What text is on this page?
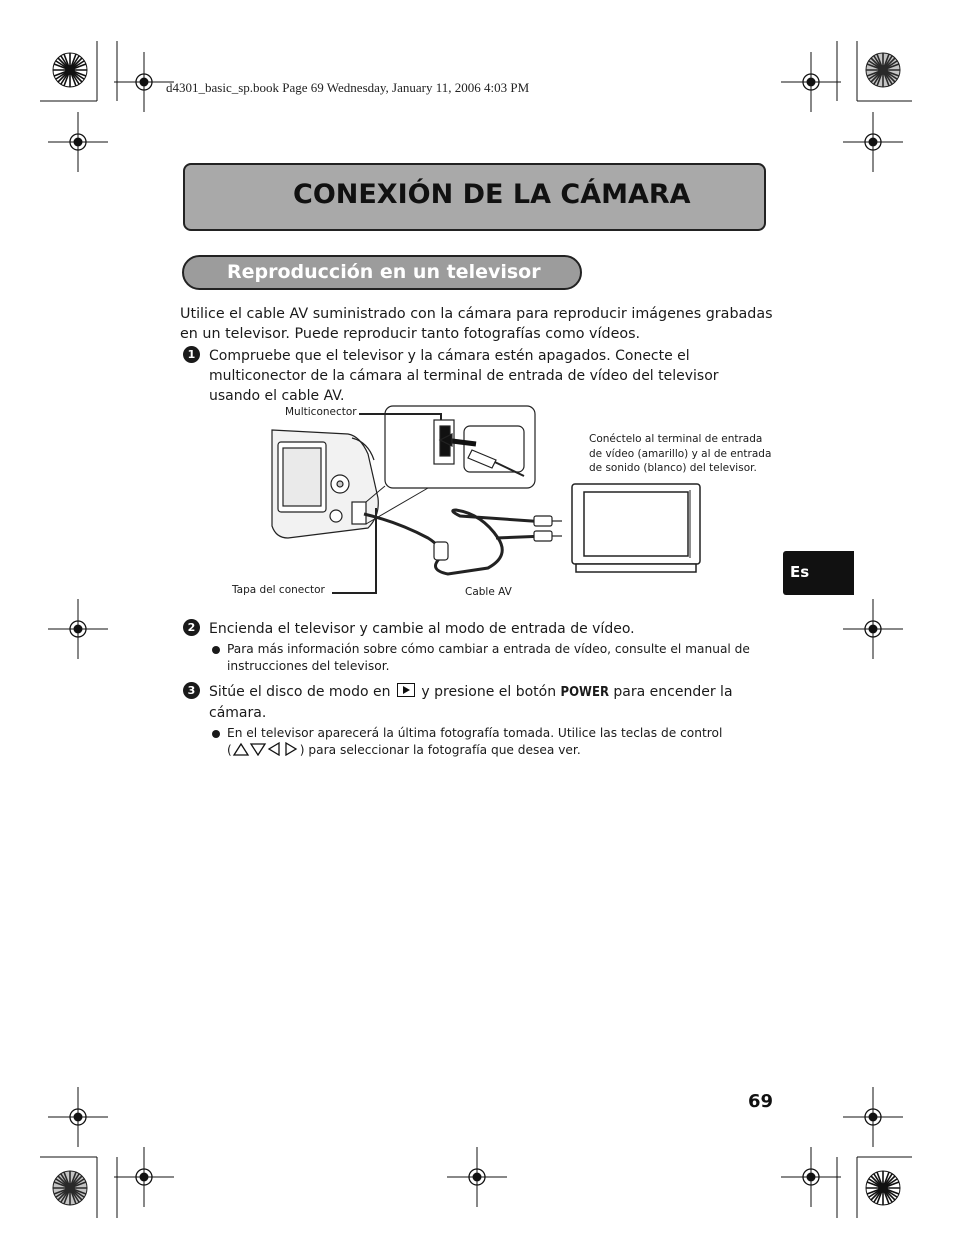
d4301_basic_sp.book Page 69 Wednesday, January 11, 2006 4:03 PM
CONEXIÓN DE LA CÁMARA
Reproducción en un televisor
Utilice el cable AV suministrado con la cámara para reproducir imágenes grabadas en un televisor. Puede reproducir tanto fotografías como vídeos.
1 Compruebe que el televisor y la cámara estén apagados. Conecte el multiconector de la cámara al terminal de entrada de vídeo del televisor usando el cable AV.
Multiconector
Tapa del conector	Cable AV
Conéctelo al terminal de entrada de vídeo (amarillo) y al de entrada de sonido (blanco) del televisor.
2 Encienda el televisor y cambie al modo de entrada de vídeo.
Para más información sobre cómo cambiar a entrada de vídeo, consulte el manual de instrucciones del televisor.
3 Sitúe el disco de modo en y presione el botón POWER para encender la cámara.
En el televisor aparecerá la última fotografía tomada. Utilice las teclas de control
(	) para seleccionar la fotografía que desea ver.
Es
69
